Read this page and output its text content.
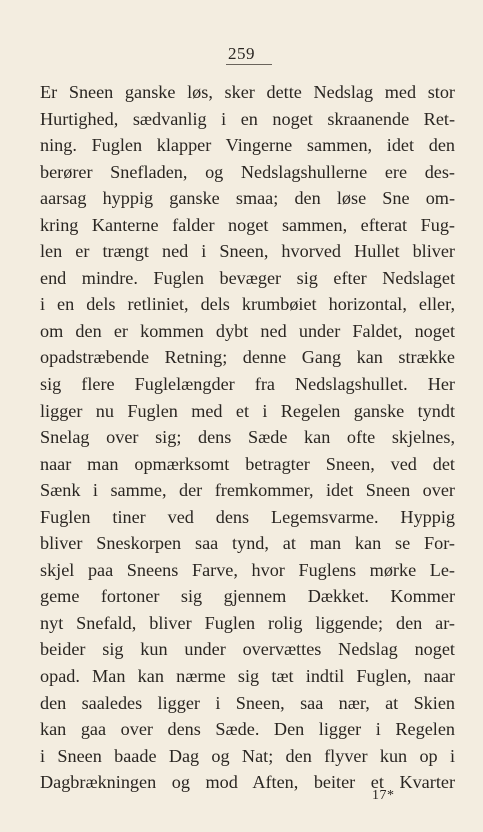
259
Er Sneen ganske løs, sker dette Nedslag med stor
Hurtighed, sædvanlig i en noget skraanende Ret-
ning. Fuglen klapper Vingerne sammen, idet den
berører Snefladen, og Nedslagshullerne ere des-
aarsag hyppig ganske smaa; den løse Sne om-
kring Kanterne falder noget sammen, efterat Fug-
len er trængt ned i Sneen, hvorved Hullet bliver
end mindre. Fuglen bevæger sig efter Nedslaget
i en dels retliniet, dels krumbøiet horizontal, eller,
om den er kommen dybt ned under Faldet, noget
opadstræbende Retning; denne Gang kan strække
sig flere Fuglelængder fra Nedslagshullet. Her
ligger nu Fuglen med et i Regelen ganske tyndt
Snelag over sig; dens Sæde kan ofte skjelnes,
naar man opmærksomt betragter Sneen, ved det
Sænk i samme, der fremkommer, idet Sneen over
Fuglen tiner ved dens Legemsvarme. Hyppig
bliver Sneskorpen saa tynd, at man kan se For-
skjel paa Sneens Farve, hvor Fuglens mørke Le-
geme fortoner sig gjennem Dækket. Kommer
nyt Snefald, bliver Fuglen rolig liggende; den ar-
beider sig kun under overvættes Nedslag noget
opad. Man kan nærme sig tæt indtil Fuglen, naar
den saaledes ligger i Sneen, saa nær, at Skien
kan gaa over dens Sæde. Den ligger i Regelen
i Sneen baade Dag og Nat; den flyver kun op i
Dagbrækningen og mod Aften, beiter et Kvarter
17*
